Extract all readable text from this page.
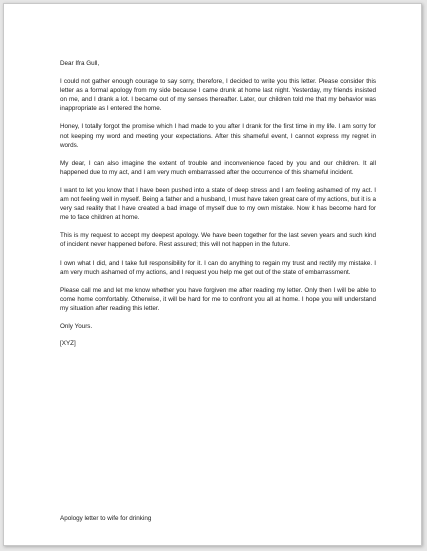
Dear Ifra Gull,

I could not gather enough courage to say sorry, therefore, I decided to write you this letter. Please consider this letter as a formal apology from my side because I came drunk at home last night. Yesterday, my friends insisted on me, and I drank a lot. I became out of my senses thereafter. Later, our children told me that my behavior was inappropriate as I entered the home.

Honey, I totally forgot the promise which I had made to you after I drank for the first time in my life. I am sorry for not keeping my word and meeting your expectations. After this shameful event, I cannot express my regret in words.

My dear, I can also imagine the extent of trouble and inconvenience faced by you and our children. It all happened due to my act, and I am very much embarrassed after the occurrence of this shameful incident.

I want to let you know that I have been pushed into a state of deep stress and I am feeling ashamed of my act. I am not feeling well in myself. Being a father and a husband, I must have taken great care of my actions, but it is a very sad reality that I have created a bad image of myself due to my own mistake. Now it has become hard for me to face children at home.

This is my request to accept my deepest apology. We have been together for the last seven years and such kind of incident never happened before. Rest assured; this will not happen in the future.

I own what I did, and I take full responsibility for it. I can do anything to regain my trust and rectify my mistake. I am very much ashamed of my actions, and I request you help me get out of the state of embarrassment.

Please call me and let me know whether you have forgiven me after reading my letter. Only then I will be able to come home comfortably. Otherwise, it will be hard for me to confront you all at home. I hope you will understand my situation after reading this letter.

Only Yours.

[XYZ]

Apology letter to wife for drinking
